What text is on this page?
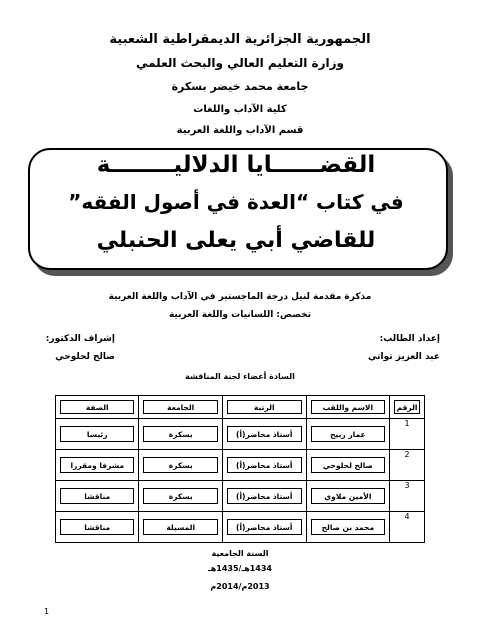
الجمهورية الجزائرية الديمقراطية الشعبية
وزارة التعليم العالي والبحث العلمي
جامعة محمد خيضر بسكرة
كلية الآداب واللغات
قسم الآداب واللغة العربية
القضــــــايا الدلاليــــــــة
في كتاب “العدة في أصول الفقه”
للقاضي أبي يعلى الحنبلي
مذكرة مقدمة لنيل درجة الماجستير في الآداب واللغة العربية
تخصص: اللسانيات واللغة العربية
إعداد الطالب:
عبد العزيز تواتي
إشراف الدكتور:
صالح لحلوحي
السادة أعضاء لجنة المناقشة
الرقم	الاسم واللقب	الرتبة	الجامعة	الصفة

1	عمار ربيح	أستاذ محاضر(أ)	بسكرة	رئيسا

2	صالح لحلوحي	أستاذ محاضر(أ)	بسكرة	مشرفا ومقررا

3	الأمين ملاوي	أستاذ محاضر(أ)	بسكرة	مناقشا

4	محمد بن صالح	أستاذ محاضر(أ)	المسيلة	مناقشا
السنة الجامعية
1434هـ/1435هـ
2013م/2014م
1
